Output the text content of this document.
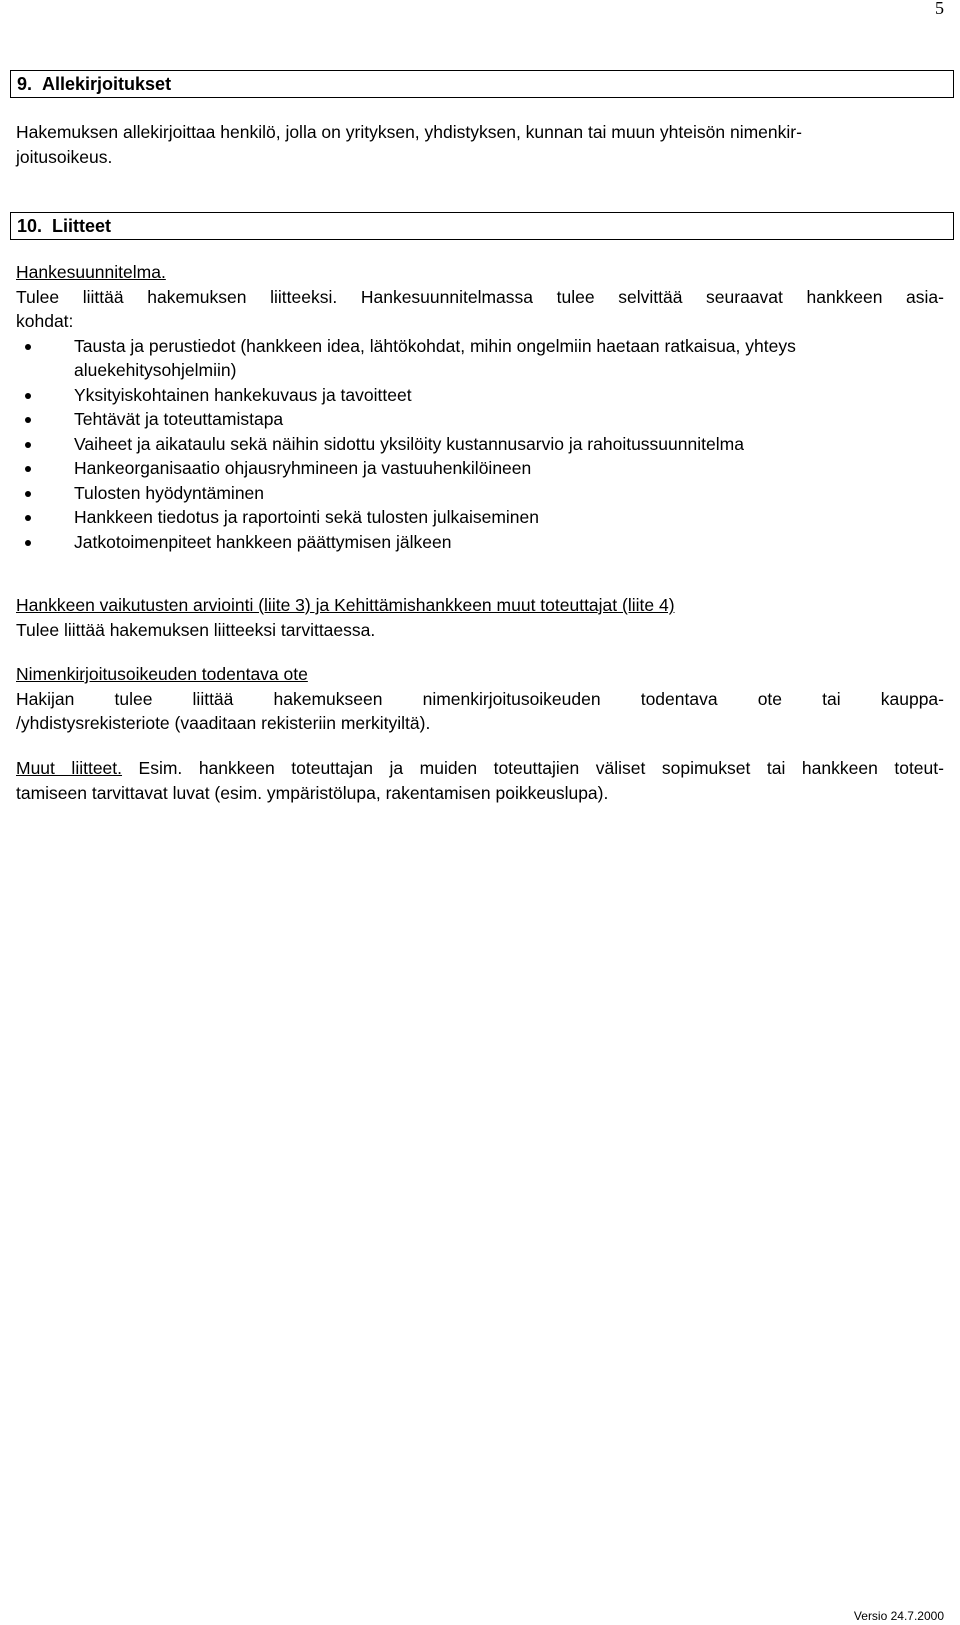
5
9. Allekirjoitukset
Hakemuksen allekirjoittaa henkilö, jolla on yrityksen, yhdistyksen, kunnan tai muun yhteisön nimenkir-
joitusoikeus.
10. Liitteet
Hankesuunnitelma.
Tulee liittää hakemuksen liitteeksi. Hankesuunnitelmassa tulee selvittää seuraavat hankkeen asia-
kohdat:
Tausta ja perustiedot (hankkeen idea, lähtökohdat, mihin ongelmiin haetaan ratkaisua, yhteys aluekehitysohjelmiin)
Yksityiskohtainen hankekuvaus ja tavoitteet
Tehtävät ja toteuttamistapa
Vaiheet ja aikataulu sekä näihin sidottu yksilöity kustannusarvio ja rahoitussuunnitelma
Hankeorganisaatio ohjausryhmineen ja vastuuhenkilöineen
Tulosten hyödyntäminen
Hankkeen tiedotus ja raportointi sekä tulosten julkaiseminen
Jatkotoimenpiteet hankkeen päättymisen jälkeen
Hankkeen vaikutusten arviointi (liite 3) ja Kehittämishankkeen muut toteuttajat (liite 4)
Tulee liittää hakemuksen liitteeksi tarvittaessa.
Nimenkirjoitusoikeuden todentava ote
Hakijan tulee liittää hakemukseen nimenkirjoitusoikeuden todentava ote tai kauppa-
/yhdistysrekisteriote (vaaditaan rekisteriin merkityiltä).
Muut liitteet. Esim. hankkeen toteuttajan ja muiden toteuttajien väliset sopimukset tai hankkeen toteut-
tamiseen tarvittavat luvat (esim. ympäristölupa, rakentamisen poikkeuslupa).
Versio 24.7.2000
